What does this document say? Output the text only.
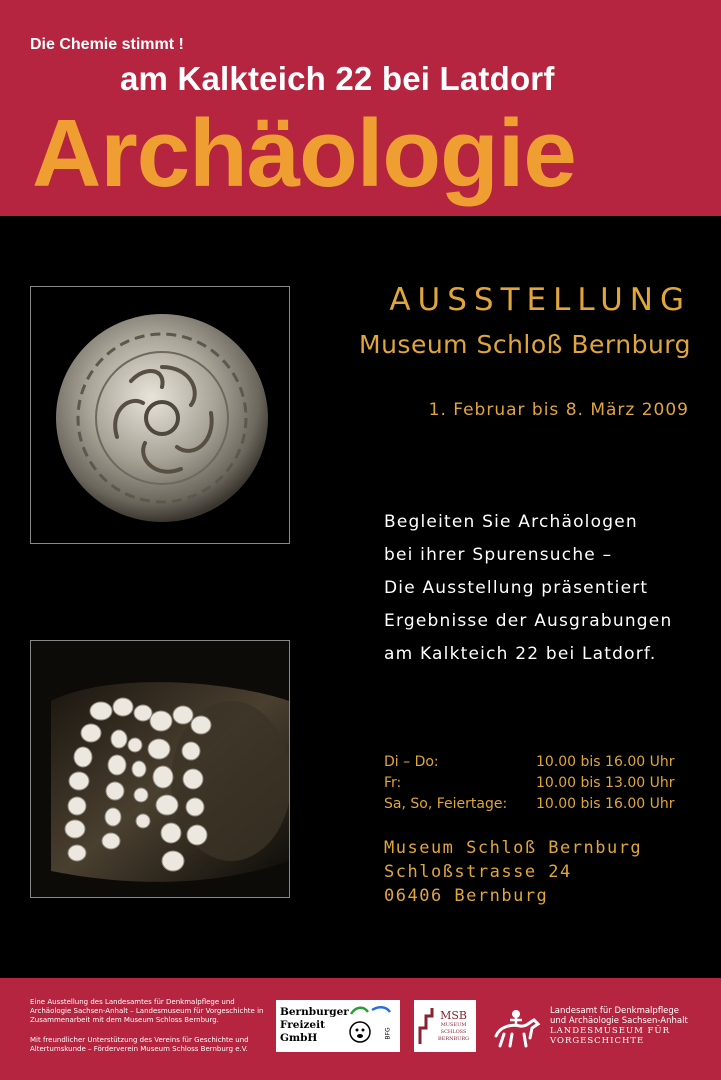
Die Chemie stimmt !
am Kalkteich 22 bei Latdorf
Archäologie
AUSSTELLUNG
Museum Schloß Bernburg
1. Februar bis 8. März 2009
Begleiten Sie Archäologen
bei ihrer Spurensuche –
Die Ausstellung präsentiert
Ergebnisse der Ausgrabungen
am Kalkteich 22 bei Latdorf.
Di – Do:	10.00 bis 16.00 Uhr
Fr:	10.00 bis 13.00 Uhr
Sa, So, Feiertage:	10.00 bis 16.00 Uhr
Museum Schloß Bernburg
Schloßstrasse 24
06406 Bernburg
Eine Ausstellung des Landesamtes für Denkmalpflege und Archäologie Sachsen-Anhalt – Landesmuseum für Vorgeschichte in Zusammenarbeit mit dem Museum Schloss Bernburg.
Mit freundlicher Unterstützung des Vereins für Geschichte und Altertumskunde – Förderverein Museum Schloss Bernburg e.V.
Bernburger
Freizeit
GmbH	BFG
MSB
MUSEUM
SCHLOSS
BERNBURG
Landesamt für Denkmalpflege
und Archäologie Sachsen-Anhalt
LANDESMUSEUM FÜR
VORGESCHICHTE
